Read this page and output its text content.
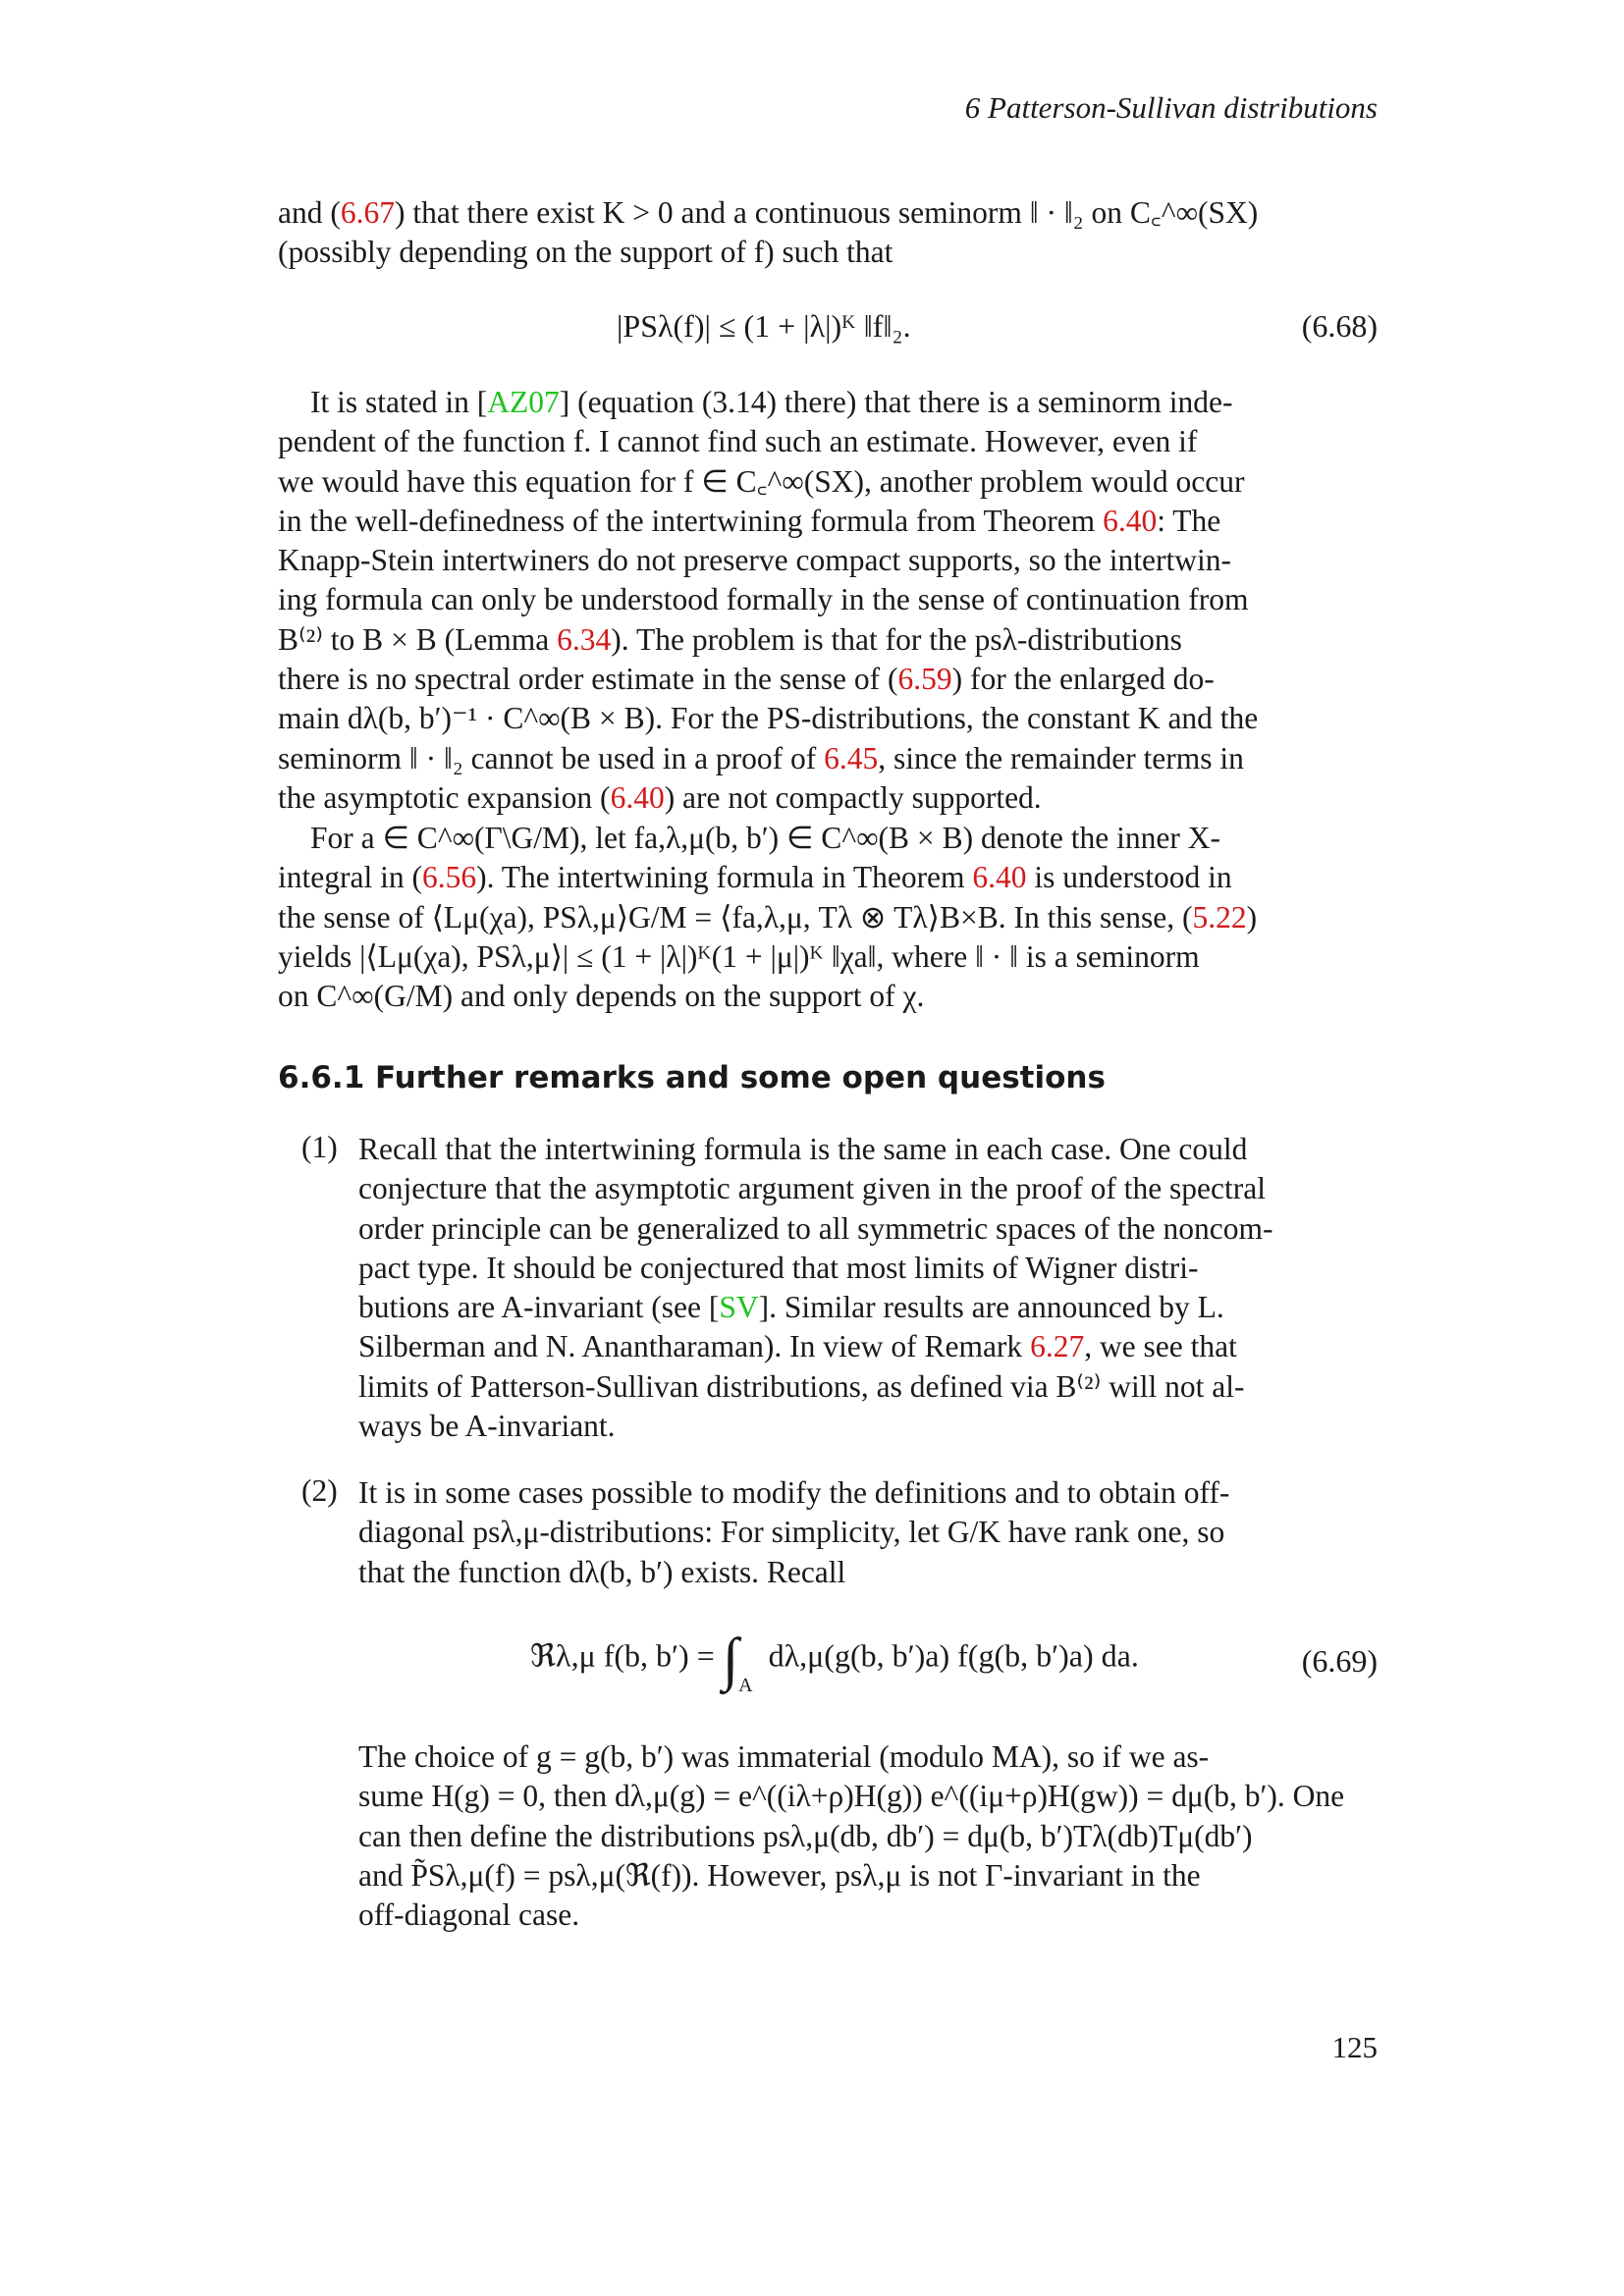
6 Patterson-Sullivan distributions
and (6.67) that there exist K > 0 and a continuous seminorm ‖ · ‖₂ on C꜀^∞(SX)
(possibly depending on the support of f) such that
|PSλ(f)| ≤ (1 + |λ|)ᴷ ‖f‖₂.	(6.68)
It is stated in [AZ07] (equation (3.14) there) that there is a seminorm inde-
pendent of the function f. I cannot find such an estimate. However, even if
we would have this equation for f ∈ C꜀^∞(SX), another problem would occur
in the well-definedness of the intertwining formula from Theorem 6.40: The
Knapp-Stein intertwiners do not preserve compact supports, so the intertwin-
ing formula can only be understood formally in the sense of continuation from
B⁽²⁾ to B × B (Lemma 6.34). The problem is that for the psλ-distributions
there is no spectral order estimate in the sense of (6.59) for the enlarged do-
main dλ(b, b′)⁻¹ · C^∞(B × B). For the PS-distributions, the constant K and the
seminorm ‖ · ‖₂ cannot be used in a proof of 6.45, since the remainder terms in
the asymptotic expansion (6.40) are not compactly supported.
For a ∈ C^∞(Γ\G/M), let fa,λ,μ(b, b′) ∈ C^∞(B × B) denote the inner X-
integral in (6.56). The intertwining formula in Theorem 6.40 is understood in
the sense of ⟨Lμ(χa), PSλ,μ⟩G/M = ⟨fa,λ,μ, Tλ ⊗ Tλ⟩B×B. In this sense, (5.22)
yields |⟨Lμ(χa), PSλ,μ⟩| ≤ (1 + |λ|)ᴷ(1 + |μ|)ᴷ ‖χa‖, where ‖ · ‖ is a seminorm
on C^∞(G/M) and only depends on the support of χ.
6.6.1 Further remarks and some open questions
(1) Recall that the intertwining formula is the same in each case. One could
conjecture that the asymptotic argument given in the proof of the spectral
order principle can be generalized to all symmetric spaces of the noncom-
pact type. It should be conjectured that most limits of Wigner distri-
butions are A-invariant (see [SV]. Similar results are announced by L.
Silberman and N. Anantharaman). In view of Remark 6.27, we see that
limits of Patterson-Sullivan distributions, as defined via B⁽²⁾ will not al-
ways be A-invariant.
(2) It is in some cases possible to modify the definitions and to obtain off-
diagonal psλ,μ-distributions: For simplicity, let G/K have rank one, so
that the function dλ(b, b′) exists. Recall
ℜλ,μ f(b, b′) = ∫ $_A$ dλ,μ(g(b, b′)a) f(g(b, b′)a) da.	(6.69)
The choice of g = g(b, b′) was immaterial (modulo MA), so if we as-
sume H(g) = 0, then dλ,μ(g) = e^((iλ+ρ)H(g)) e^((iμ+ρ)H(gw)) = dμ(b, b′). One
can then define the distributions psλ,μ(db, db′) = dμ(b, b′)Tλ(db)Tμ(db′)
and P̃Sλ,μ(f) = psλ,μ(ℜ(f)). However, psλ,μ is not Γ-invariant in the
off-diagonal case.
125
